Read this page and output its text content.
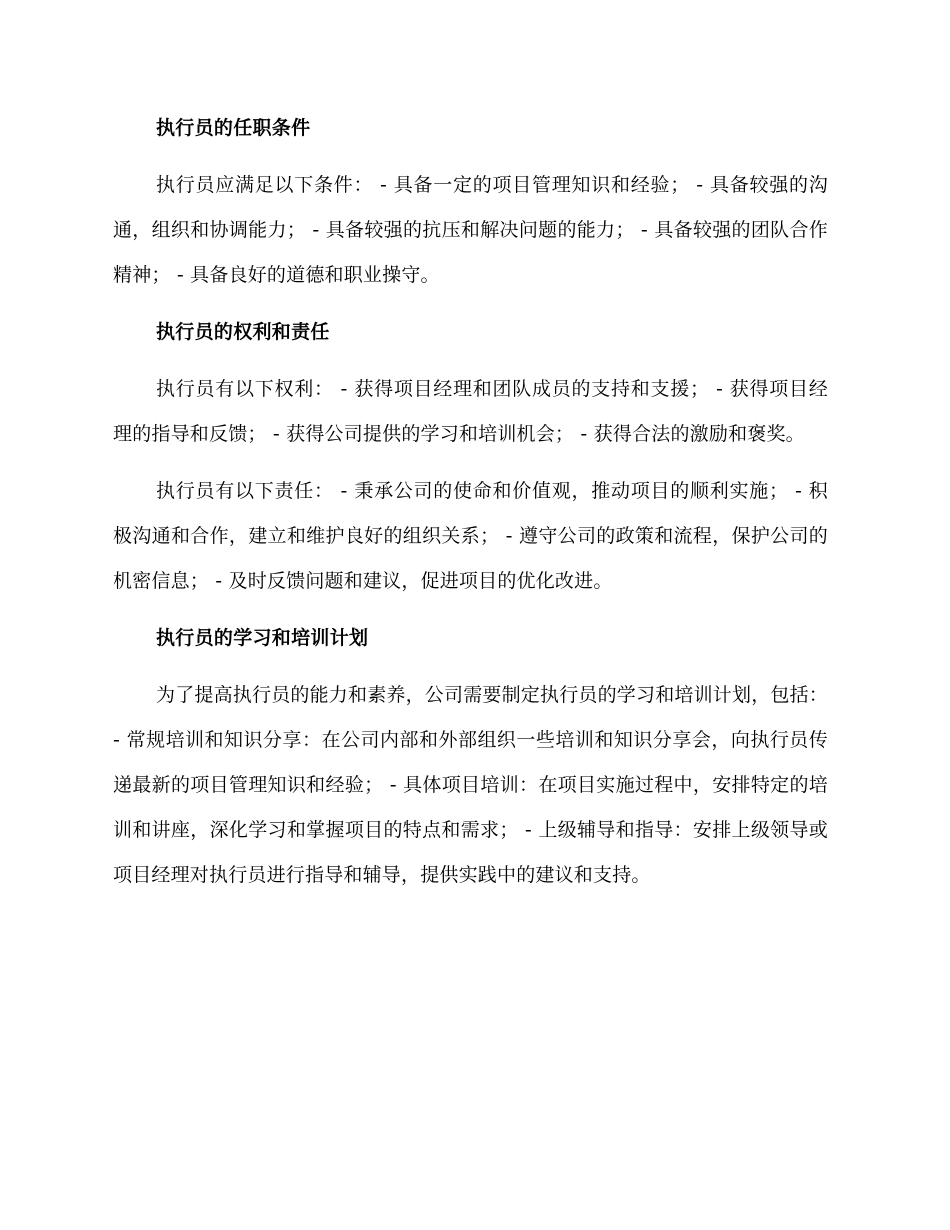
执行员的任职条件

执行员应满足以下条件： - 具备一定的项目管理知识和经验； - 具备较强的沟通，组织和协调能力； - 具备较强的抗压和解决问题的能力； - 具备较强的团队合作精神； - 具备良好的道德和职业操守。

执行员的权利和责任

执行员有以下权利： - 获得项目经理和团队成员的支持和支援； - 获得项目经理的指导和反馈； - 获得公司提供的学习和培训机会； - 获得合法的激励和褒奖。

执行员有以下责任： - 秉承公司的使命和价值观，推动项目的顺利实施； - 积极沟通和合作，建立和维护良好的组织关系； - 遵守公司的政策和流程，保护公司的机密信息； - 及时反馈问题和建议，促进项目的优化改进。

执行员的学习和培训计划

为了提高执行员的能力和素养，公司需要制定执行员的学习和培训计划，包括： - 常规培训和知识分享：在公司内部和外部组织一些培训和知识分享会，向执行员传递最新的项目管理知识和经验； - 具体项目培训：在项目实施过程中，安排特定的培训和讲座，深化学习和掌握项目的特点和需求； - 上级辅导和指导：安排上级领导或项目经理对执行员进行指导和辅导，提供实践中的建议和支持。
